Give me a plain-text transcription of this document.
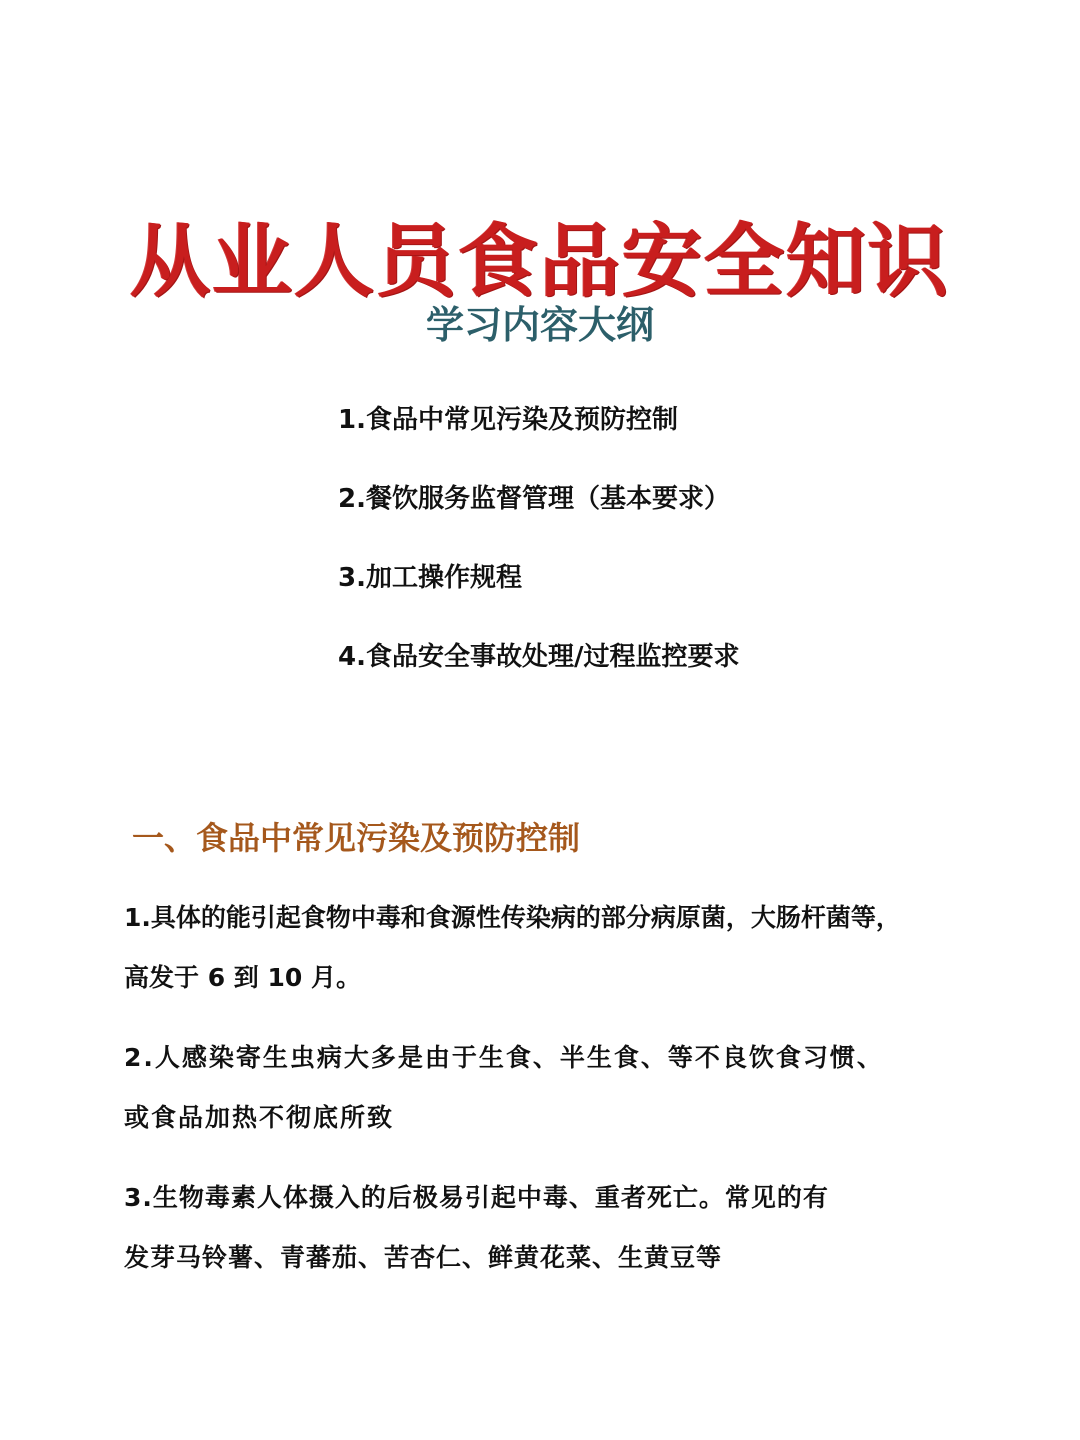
从业人员食品安全知识
学习内容大纲
1.食品中常见污染及预防控制
2.餐饮服务监督管理（基本要求）
3.加工操作规程
4.食品安全事故处理/过程监控要求
一、食品中常见污染及预防控制
1.具体的能引起食物中毒和食源性传染病的部分病原菌，大肠杆菌等，
高发于 6 到 10 月。
2.人感染寄生虫病大多是由于生食、半生食、等不良饮食习惯、
或食品加热不彻底所致
3.生物毒素人体摄入的后极易引起中毒、重者死亡。常见的有
发芽马铃薯、青蕃茄、苦杏仁、鲜黄花菜、生黄豆等
